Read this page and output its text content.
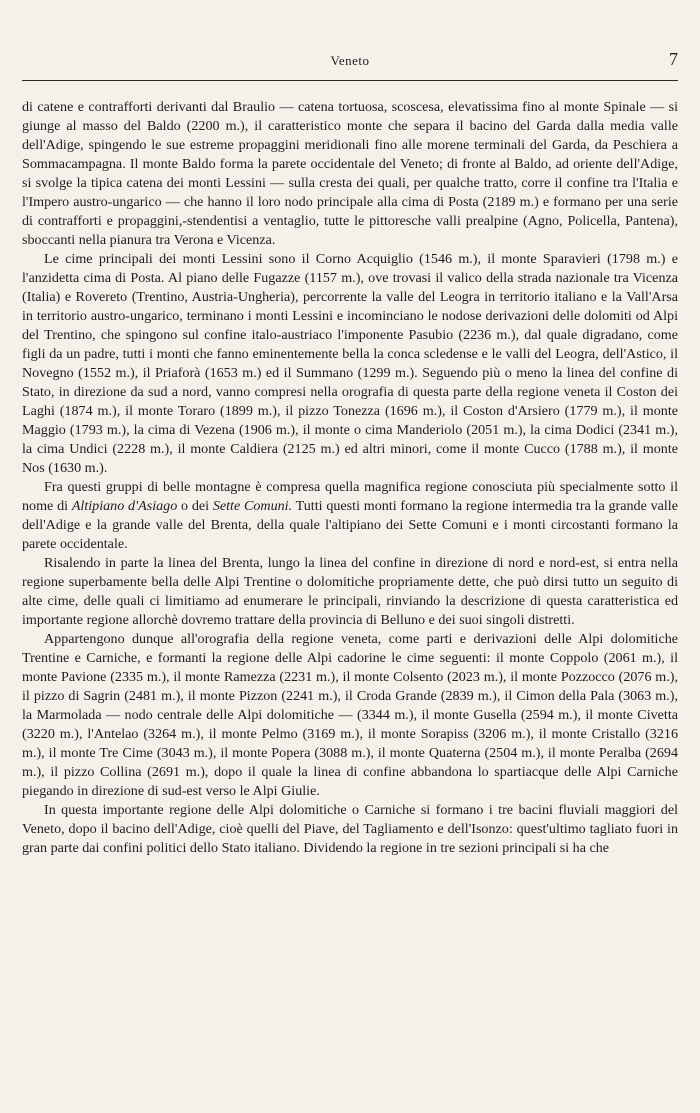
Veneto	7

di catene e contrafforti derivanti dal Braulio — catena tortuosa, scoscesa, elevatissima fino al monte Spinale — si giunge al masso del Baldo (2200 m.), il caratteristico monte che separa il bacino del Garda dalla media valle dell'Adige, spingendo le sue estreme propaggini meridionali fino alle morene terminali del Garda, da Peschiera a Sommacampagna. Il monte Baldo forma la parete occidentale del Veneto; di fronte al Baldo, ad oriente dell'Adige, si svolge la tipica catena dei monti Lessini — sulla cresta dei quali, per qualche tratto, corre il confine tra l'Italia e l'Impero austro-ungarico — che hanno il loro nodo principale alla cima di Posta (2189 m.) e formano per una serie di contrafforti e propaggini,-stendentisi a ventaglio, tutte le pittoresche valli prealpine (Agno, Policella, Pantena), sboccanti nella pianura tra Verona e Vicenza.

Le cime principali dei monti Lessini sono il Corno Acquiglio (1546 m.), il monte Sparavieri (1798 m.) e l'anzidetta cima di Posta. Al piano delle Fugazze (1157 m.), ove trovasi il valico della strada nazionale tra Vicenza (Italia) e Rovereto (Trentino, Austria-Ungheria), percorrente la valle del Leogra in territorio italiano e la Vall'Arsa in territorio austro-ungarico, terminano i monti Lessini e incominciano le nodose derivazioni delle dolomiti od Alpi del Trentino, che spingono sul confine italo-austriaco l'imponente Pasubio (2236 m.), dal quale digradano, come figli da un padre, tutti i monti che fanno eminentemente bella la conca scledense e le valli del Leogra, dell'Astico, il Novegno (1552 m.), il Priaforà (1653 m.) ed il Summano (1299 m.). Seguendo più o meno la linea del confine di Stato, in direzione da sud a nord, vanno compresi nella orografia di questa parte della regione veneta il Coston dei Laghi (1874 m.), il monte Toraro (1899 m.), il pizzo Tonezza (1696 m.), il Coston d'Arsiero (1779 m.), il monte Maggio (1793 m.), la cima di Vezena (1906 m.), il monte o cima Manderiolo (2051 m.), la cima Dodici (2341 m.), la cima Undici (2228 m.), il monte Caldiera (2125 m.) ed altri minori, come il monte Cucco (1788 m.), il monte Nos (1630 m.).

Fra questi gruppi di belle montagne è compresa quella magnifica regione conosciuta più specialmente sotto il nome di Altipiano d'Asiago o dei Sette Comuni. Tutti questi monti formano la regione intermedia tra la grande valle dell'Adige e la grande valle del Brenta, della quale l'altipiano dei Sette Comuni e i monti circostanti formano la parete occidentale.

Risalendo in parte la linea del Brenta, lungo la linea del confine in direzione di nord e nord-est, si entra nella regione superbamente bella delle Alpi Trentine o dolomitiche propriamente dette, che può dirsi tutto un seguito di alte cime, delle quali ci limitiamo ad enumerare le principali, rinviando la descrizione di questa caratteristica ed importante regione allorchè dovremo trattare della provincia di Belluno e dei suoi singoli distretti.

Appartengono dunque all'orografia della regione veneta, come parti e derivazioni delle Alpi dolomitiche Trentine e Carniche, e formanti la regione delle Alpi cadorine le cime seguenti: il monte Coppolo (2061 m.), il monte Pavione (2335 m.), il monte Ramezza (2231 m.), il monte Colsento (2023 m.), il monte Pozzocco (2076 m.), il pizzo di Sagrin (2481 m.), il monte Pizzon (2241 m.), il Croda Grande (2839 m.), il Cimon della Pala (3063 m.), la Marmolada — nodo centrale delle Alpi dolomitiche — (3344 m.), il monte Gusella (2594 m.), il monte Civetta (3220 m.), l'Antelao (3264 m.), il monte Pelmo (3169 m.), il monte Sorapiss (3206 m.), il monte Cristallo (3216 m.), il monte Tre Cime (3043 m.), il monte Popera (3088 m.), il monte Quaterna (2504 m.), il monte Peralba (2694 m.), il pizzo Collina (2691 m.), dopo il quale la linea di confine abbandona lo spartiacque delle Alpi Carniche piegando in direzione di sud-est verso le Alpi Giulie.

In questa importante regione delle Alpi dolomitiche o Carniche si formano i tre bacini fluviali maggiori del Veneto, dopo il bacino dell'Adige, cioè quelli del Piave, del Tagliamento e dell'Isonzo: quest'ultimo tagliato fuori in gran parte dai confini politici dello Stato italiano. Dividendo la regione in tre sezioni principali si ha che
